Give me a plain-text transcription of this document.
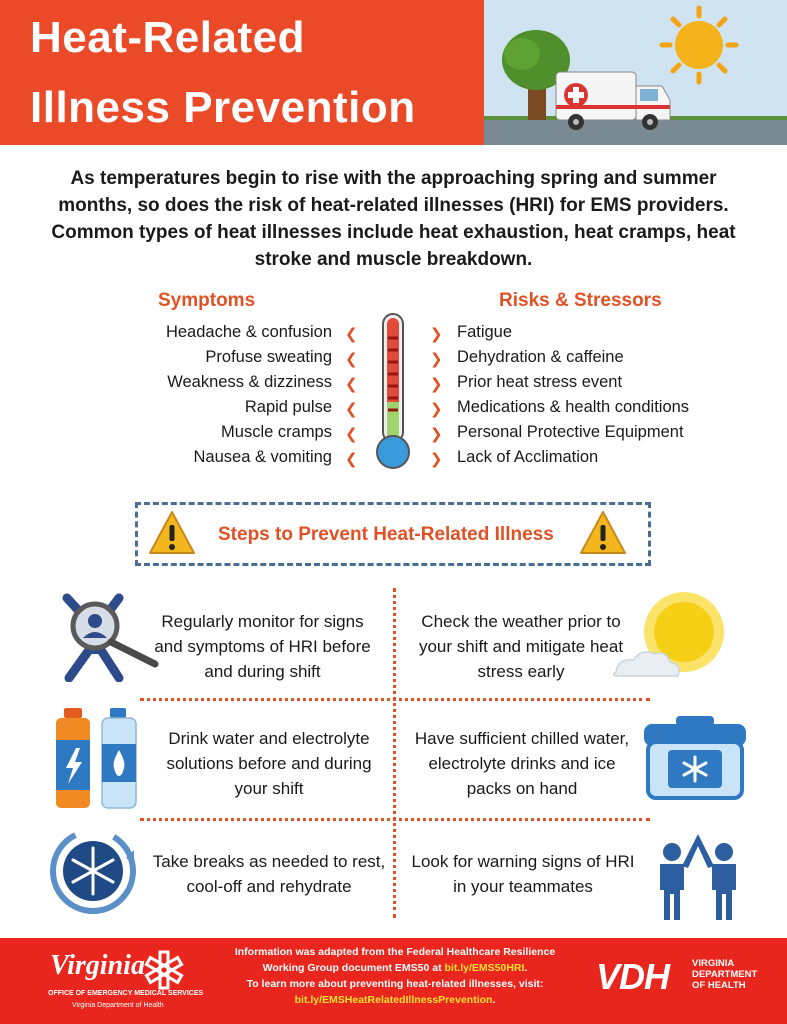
Heat-Related
Illness Prevention
As temperatures begin to rise with the approaching spring and summer months, so does the risk of heat-related illnesses (HRI) for EMS providers. Common types of heat illnesses include heat exhaustion, heat cramps, heat stroke and muscle breakdown.
Symptoms	Risks & Stressors
Headache & confusion
Profuse sweating
Weakness & dizziness
Rapid pulse
Muscle cramps
Nausea & vomiting
❮
❮
❮
❮
❮
❮
❯
❯
❯
❯
❯
❯
Fatigue
Dehydration & caffeine
Prior heat stress event
Medications & health conditions
Personal Protective Equipment
Lack of Acclimation
Steps to Prevent Heat-Related Illness
Regularly monitor for signs and symptoms of HRI before and during shift
Check the weather prior to your shift and mitigate heat stress early
Drink water and electrolyte solutions before and during your shift
Have sufficient chilled water, electrolyte drinks and ice packs on hand
Take breaks as needed to rest, cool-off and rehydrate
Look for warning signs of HRI in your teammates
Virginia
OFFICE OF EMERGENCY MEDICAL SERVICES
Virginia Department of Health
Information was adapted from the Federal Healthcare Resilience
Working Group document EMS50 at bit.ly/EMS50HRI.
To learn more about preventing heat-related illnesses, visit:
bit.ly/EMSHeatRelatedIllnessPrevention.
VDH VIRGINIA
DEPARTMENT
OF HEALTH
